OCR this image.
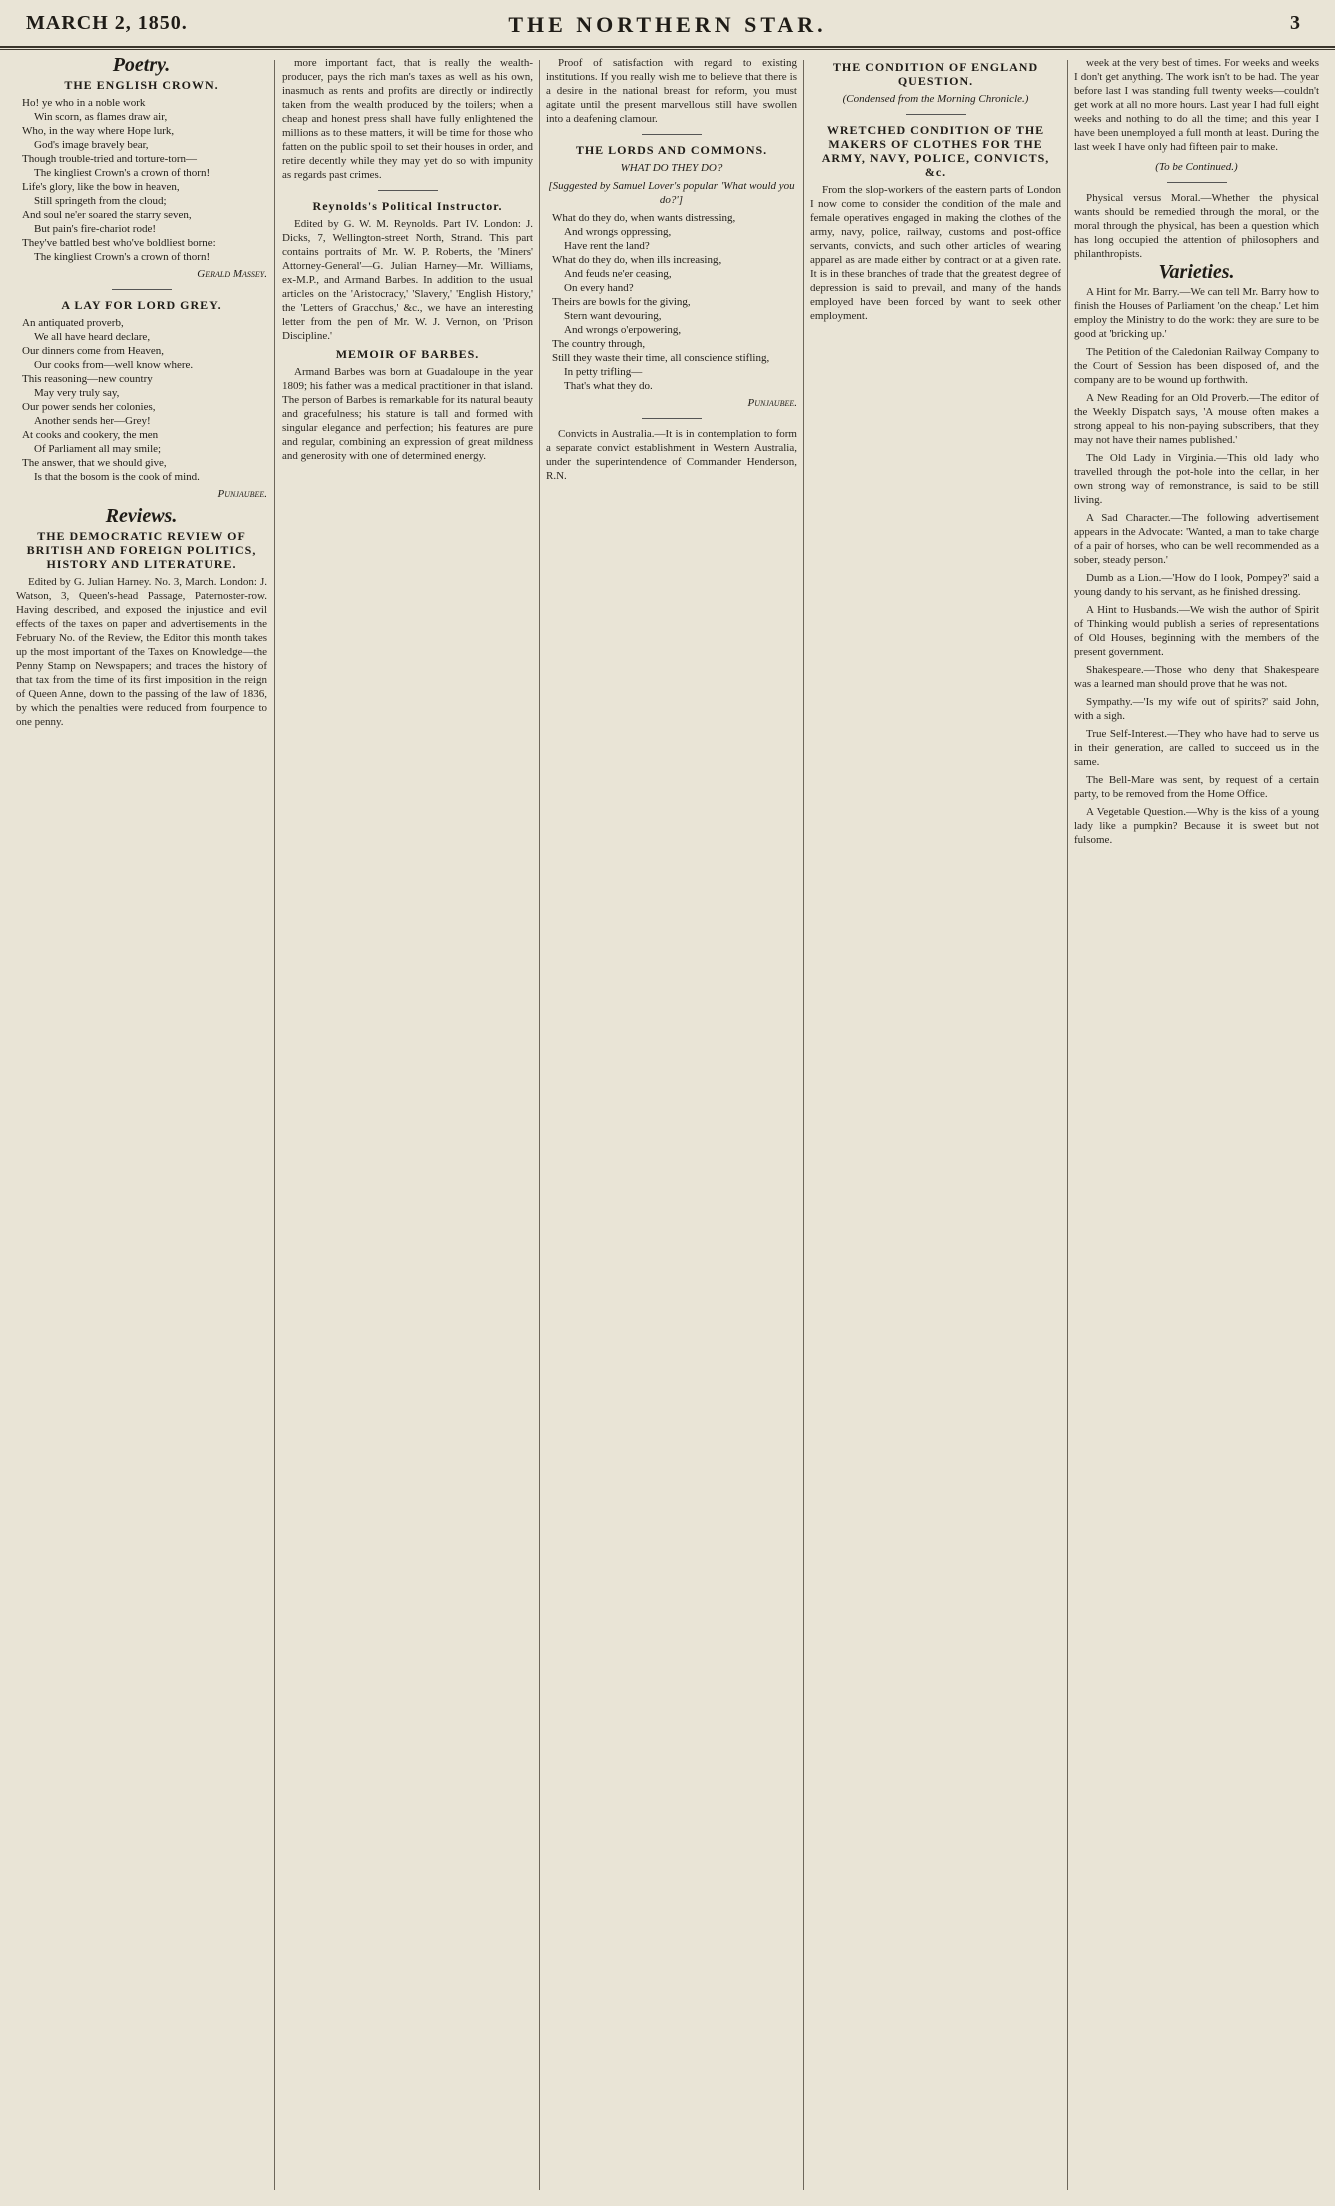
MARCH 2, 1850.	THE NORTHERN STAR.	3
Poetry.
THE ENGLISH CROWN.
Ho! ye who in a noble work
Win scorn, as flames draw air,
Who, in the way where Hope lurk,
God's image bravely bear,
Though trouble-tried and torture-torn—
The kingliest Crown's a crown of thorn!
Life's glory, like the bow in heaven,
Still springeth from the cloud;
And soul ne'er soared the starry seven,
But pain's fire-chariot rode!
They've battled best who've boldliest borne:
The kingliest Crown's a crown of thorn!
Gerald Massey.
A LAY FOR LORD GREY.
An antiquated proverb,
We all have heard declare,
Our dinners come from Heaven,
Our cooks from—well know where.
This reasoning—new country
May very truly say,
Our power sends her colonies,
Another sends her—Grey!
At cooks and cookery, the men
Of Parliament all may smile;
The answer, that we should give,
Is that the bosom is the cook of mind.
Punjaubee.
Reviews.
THE DEMOCRATIC REVIEW OF BRITISH AND FOREIGN POLITICS, HISTORY AND LITERATURE.

Edited by G. Julian Harney. No. 3, March. London: J. Watson, 3, Queen's-head Passage, Paternoster-row. Having described, and exposed the injustice and evil effects of the taxes on paper and advertisements in the February No. of the Review, the Editor this month takes up the most important of the Taxes on Knowledge—the Penny Stamp on Newspapers; and traces the history of that tax from the time of its first imposition in the reign of Queen Anne, down to the passing of the law of 1836, by which the penalties were reduced from fourpence to one penny.

more important fact, that is really the wealth-producer, pays the rich man's taxes as well as his own, inasmuch as rents and profits are directly or indirectly taken from the wealth produced by the toilers; when a cheap and honest press shall have fully enlightened the millions as to these matters, it will be time for those who fatten on the public spoil to set their houses in order, and retire decently while they may yet do so with impunity as regards past crimes.

Reynolds's Political Instructor.

Edited by G. W. M. Reynolds. Part IV. London: J. Dicks, 7, Wellington-street North, Strand. This part contains portraits of Mr. W. P. Roberts, the 'Miners' Attorney-General'—G. Julian Harney—Mr. Williams, ex-M.P., and Armand Barbes. In addition to the usual articles on the 'Aristocracy,' 'Slavery,' 'English History,' the 'Letters of Gracchus,' &c., we have an interesting letter from the pen of Mr. W. J. Vernon, on 'Prison Discipline.'

MEMOIR OF BARBES.

Armand Barbes was born at Guadaloupe in the year 1809; his father was a medical practitioner in that island. The person of Barbes is remarkable for its natural beauty and gracefulness; his stature is tall and formed with singular elegance and perfection; his features are pure and regular, combining an expression of great mildness and generosity with one of determined energy.

Proof of satisfaction with regard to existing institutions. If you really wish me to believe that there is a desire in the national breast for reform, you must agitate until the present marvellous still have swollen into a deafening clamour.

THE LORDS AND COMMONS.
WHAT DO THEY DO?
[Suggested by Samuel Lover's popular 'What would you do?']
What do they do, when wants distressing,
And wrongs oppressing,
Have rent the land?
What do they do, when ills increasing,
And feuds ne'er ceasing,
On every hand?
Theirs are bowls for the giving,
Stern want devouring,
And wrongs o'erpowering,
The country through,
Still they waste their time, all conscience stifling,
In petty trifling—
That's what they do.
Punjaubee.

Convicts in Australia.—It is in contemplation to form a separate convict establishment in Western Australia, under the superintendence of Commander Henderson, R.N.

THE CONDITION OF ENGLAND QUESTION.
(Condensed from the Morning Chronicle.)
WRETCHED CONDITION OF THE MAKERS OF CLOTHES FOR THE ARMY, NAVY, POLICE, CONVICTS, &c.

From the slop-workers of the eastern parts of London I now come to consider the condition of the male and female operatives engaged in making the clothes of the army, navy, police, railway, customs and post-office servants, convicts, and such other articles of wearing apparel as are made either by contract or at a given rate. It is in these branches of trade that the greatest degree of depression is said to prevail, and many of the hands employed have been forced by want to seek other employment.

week at the very best of times. For weeks and weeks I don't get anything. The work isn't to be had. The year before last I was standing full twenty weeks—couldn't get work at all no more hours. Last year I had full eight weeks and nothing to do all the time; and this year I have been unemployed a full month at least. During the last week I have only had fifteen pair to make.

(To be Continued.)

Physical versus Moral.—Whether the physical wants should be remedied through the moral, or the moral through the physical, has been a question which has long occupied the attention of philosophers and philanthropists.

Varieties.

A Hint for Mr. Barry.—We can tell Mr. Barry how to finish the Houses of Parliament 'on the cheap.' Let him employ the Ministry to do the work: they are sure to be good at 'bricking up.'

The Petition of the Caledonian Railway Company to the Court of Session has been disposed of, and the company are to be wound up forthwith.

A New Reading for an Old Proverb.—The editor of the Weekly Dispatch says, 'A mouse often makes a strong appeal to his non-paying subscribers, that they may not have their names published.'

The Old Lady in Virginia.—This old lady who travelled through the pot-hole into the cellar, in her own strong way of remonstrance, is said to be still living.

A Sad Character.—The following advertisement appears in the Advocate: 'Wanted, a man to take charge of a pair of horses, who can be well recommended as a sober, steady person.'

Dumb as a Lion.—'How do I look, Pompey?' said a young dandy to his servant, as he finished dressing.

A Hint to Husbands.—We wish the author of Spirit of Thinking would publish a series of representations of Old Houses, beginning with the members of the present government.

Shakespeare.—Those who deny that Shakespeare was a learned man should prove that he was not.

Sympathy.—'Is my wife out of spirits?' said John, with a sigh.

True Self-Interest.—They who have had to serve us in their generation, are called to succeed us in the same.

The Bell-Mare was sent, by request of a certain party, to be removed from the Home Office.

A Vegetable Question.—Why is the kiss of a young lady like a pumpkin? Because it is sweet but not fulsome.
